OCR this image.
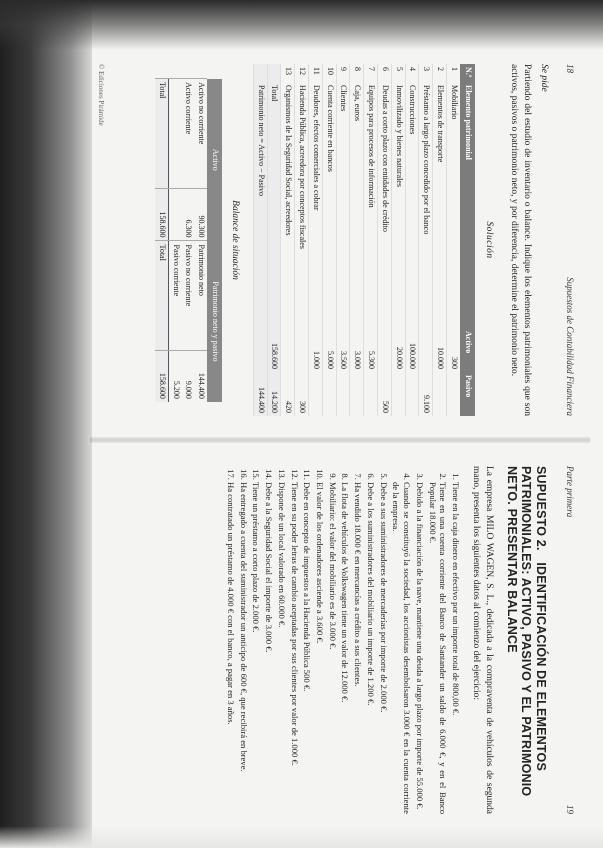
18
Supuestos de Contabilidad Financiera
Se pide
Partiendo del estudio de inventario o balance. Indique los elementos patrimoniales que son activos, pasivos o patrimonio neto, y por diferencia, determine el patrimonio neto.
Solución
N.º	Elemento patrimonial	Activo	Pasivo
1	Mobiliario	300	
2	Elementos de transporte	10.000	
3	Préstamo a largo plazo concedido por el banco		9.100
4	Construcciones	100.000	
5	Inmovilizado y bienes naturales	20.000	
6	Deudas a corto plazo con entidades de crédito		500
7	Equipos para procesos de información	5.300	
8	Caja, euros	3.000	
9	Clientes	3.500	
10	Cuenta corriente en bancos	5.000	
11	Deudores, efectos comerciales a cobrar	1.000	
12	Hacienda Pública, acreedora por conceptos fiscales		300
13	Organismos de la Seguridad Social, acreedores		420
	Total	158.600	14.200
	Patrimonio neto = Activo − Pasivo		144.400
Balance de situación
Activo		Patrimonio neto y pasivo	
Activo no corriente	90.300	Patrimonio neto	144.400
Activo corriente	6.300	Pasivo no corriente	9.000
		Pasivo corriente	5.200
Total	158.600	Total	158.600
© Ediciones Pirámide
Parte primera
19
SUPUESTO 2. IDENTIFICACIÓN DE ELEMENTOS PATRIMONIALES: ACTIVO, PASIVO Y EL PATRIMONIO NETO. PRESENTAR BALANCE
La empresa MILO WAGEN, S. L., dedicada a la compraventa de vehículos de segunda mano, presenta los siguientes datos al comienzo del ejercicio:
1. Tiene en la caja dinero en efectivo por un importe total de 800,00 €.
2. Tiene en una cuenta corriente del Banco de Santander un saldo de 6.000 €, y en el Banco Popular 18.000 €.
3. Debido a la financiación de la nave, mantiene una deuda a largo plazo por importe de 55.000 €.
4. Cuando se constituyó la sociedad, los accionistas desembolsaron 3.000 € en la cuenta corriente de la empresa.
5. Debe a sus suministradores de mercaderías por importe de 2.000 €.
6. Debe a los suministradores del mobiliario un importe de 1.200 €.
7. Ha vendido 18.000 € en mercancías a crédito a sus clientes.
8. La flota de vehículos de Volkswagen tiene un valor de 12.000 €.
9. Mobiliario: el valor del mobiliario es de 3.000 €.
10. El valor de los ordenadores asciende a 3.600 €.
11. Debe en concepto de impuestos a la Hacienda Pública 500 €.
12. Tiene en su poder letras de cambio aceptadas por sus clientes por valor de 1.000 €.
13. Dispone de un local valorado en 60.000 €.
14. Debe a la Seguridad Social el importe de 3.000 €.
15. Tiene un préstamo a corto plazo de 2.000 €.
16. Ha entregado a cuenta del suministrador un anticipo de 600 €, que recibirá en breve.
17. Ha contratado un préstamo de 4.000 € con el banco, a pagar en 3 años.
